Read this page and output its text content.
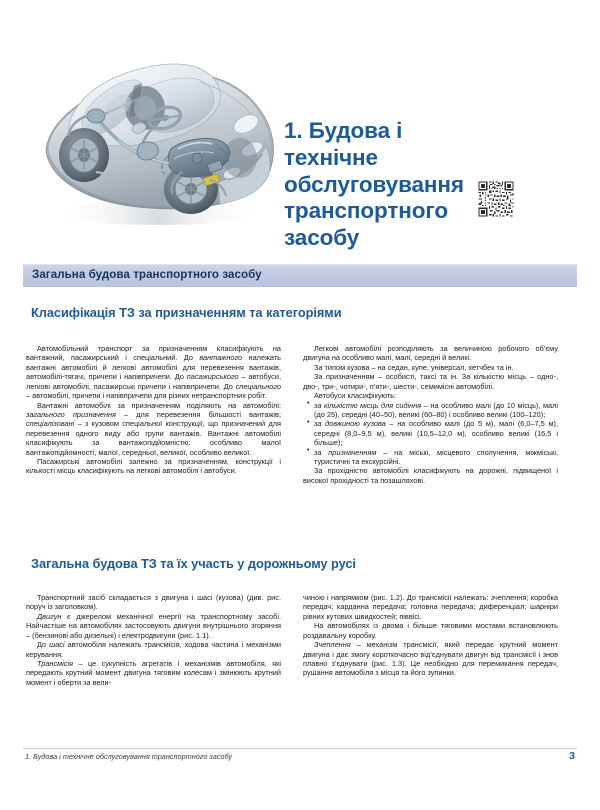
1. Будова і технічне обслуговування транспортного засобу
Загальна будова транспортного засобу
Класифікація ТЗ за призначенням та категоріями

Автомобільний транспорт за призначенням класифікують на вантажний, пасажирський і спеціальний. До вантажного належать вантажні автомобілі й легкові автомобілі для перевезення вантажів, автомобілі-тягачі, причепи і напівпричепи. До пасажирського – автобуси, легкові автомобілі, пасажирські причепи і напівпричепи. До спеціального – автомобілі, причепи і напівпричепи для різних нетранспортних робіт.

Вантажні автомобілі за призначенням поділяють на автомобілі: загального призначення – для перевезення більшості вантажів; спеціалізовані – з кузовом спеціальної конструкції, що призначений для перевезення одного виду або групи вантажів. Вантажні автомобілі класифікують за вантажопідйомністю: особливо малої вантажопідйомності, малої, середньої, великої, особливо великої.

Пасажирські автомобілі залежно за призначенням, конструкції і кількості місць класифікують на легкові автомобілі і автобуси.

Легкові автомобілі розподіляють за величиною робочого об’єму двигуна на особливо малі, малі, середні й великі.

За типом кузова – на седан, купе, універсал, хетчбек та ін.

За призначенням – особисті, таксі та ін. За кількістю місць – одно-, дво-, три-, чотири-, п’яти-, шести-, семимісні автомобілі.

Автобуси класифікують:

• за кількістю місць для сидіння – на особливо малі (до 10 місць), малі (до 25), середні (40–50), великі (60–80) і особливо великі (100–120);

• за довжиною кузова – на особливо малі (до 5 м), малі (6,0–7,5 м), середні (8,0–9,5 м), великі (10,5–12,0 м), особливо великі (16,5 і більше);

• за призначенням – на міські, місцевого сполучення, міжміські, туристичні та екскурсійні.

За прохідністю автомобілі класифікують на дорожні, підвищеної і високої прохідності та позашляхові.

Загальна будова ТЗ та їх участь у дорожньому русі

Транспортний засіб складається з двигуна і шасі (кузова) (див. рис. поруч із заголовком).

Двигун є джерелом механічної енергії на транспортному засобі. Найчастіше на автомобілях застосовують двигуни внутрішнього згоряння – (бензинові або дизельні) і електродвигуни (рис. 1.1).

До шасі автомобіля належать трансмісія, ходова частина і механізми керування.

Трансмісія – це сукупність агрегатів і механізмів автомобіля, які передають крутний момент двигуна тяговим колесам і змінюють крутний момент і оберти за вели-

чиною і напрямком (рис. 1.2). До трансмісії належать: зчеплення; коробка передач; карданна передача; головна передача; диференціал; шарніри рівних кутових швидкостей; піввісі.

На автомобілях із двома і більше тяговими мостами встановлюють роздавальну коробку.

Зчеплення – механізм трансмісії, який передає крутний момент двигуна і дає змогу короткочасно від’єднувати двигун від трансмісії і знов плавно з’єднувати (рис. 1.3). Це необхідно для перемикання передач, рушання автомобіля з місця та його зупинки.

1. Будова і технічне обслуговування транспортного засобу	3
